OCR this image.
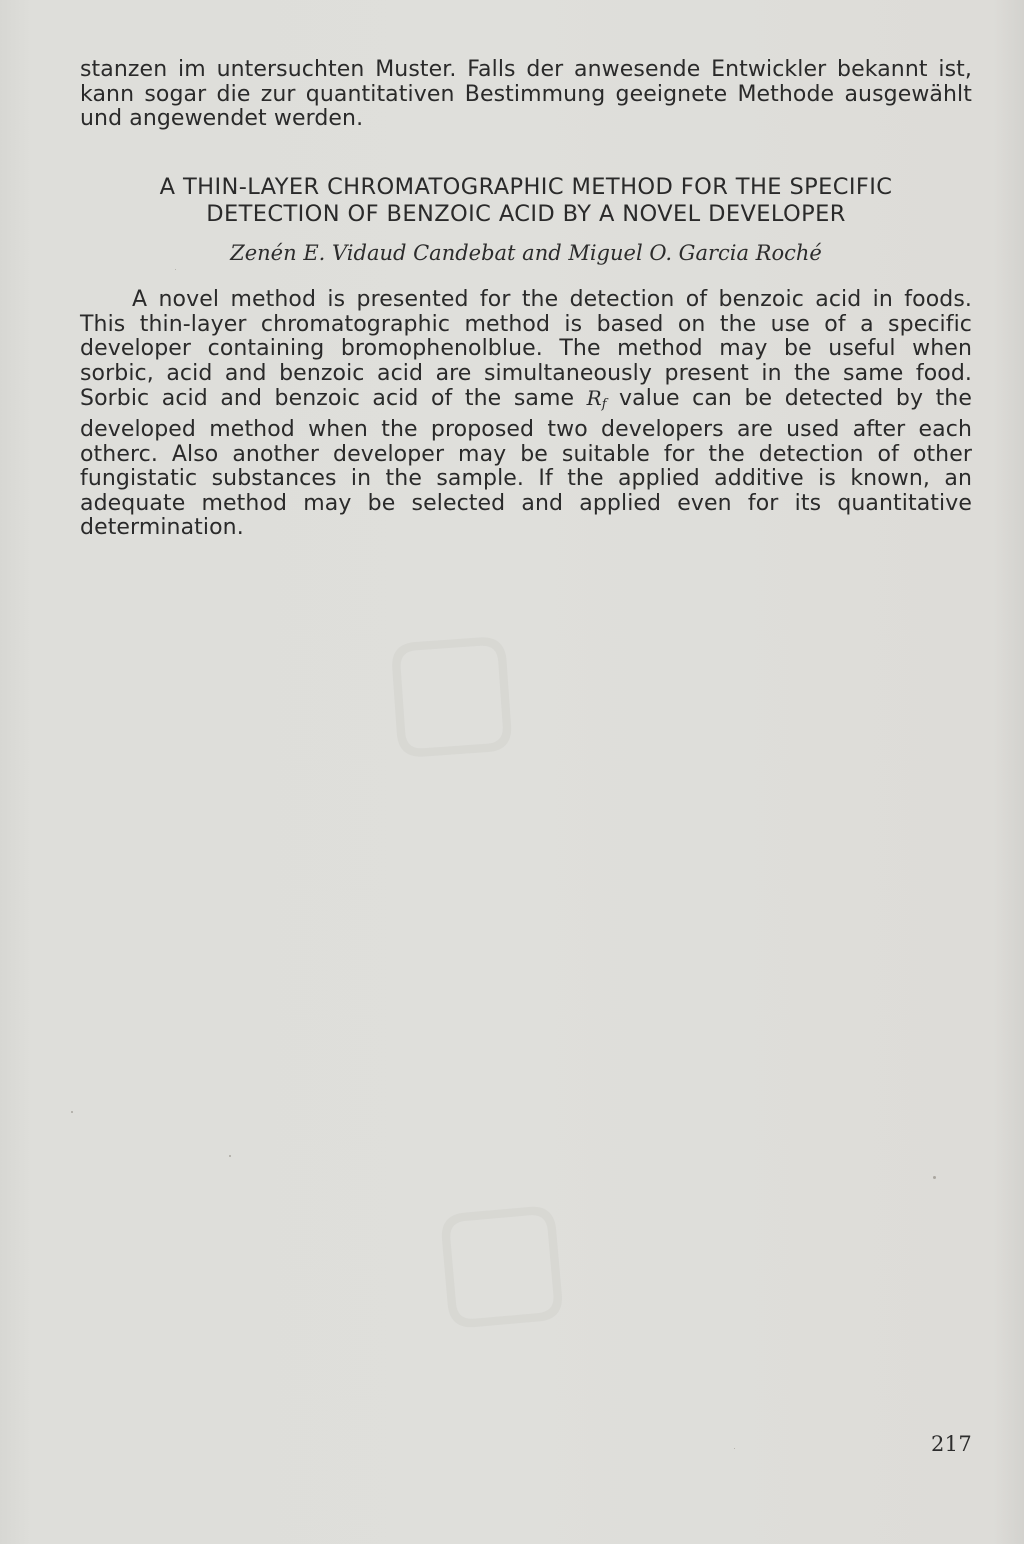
▢
▢
stanzen im untersuchten Muster. Falls der anwesende Entwickler bekannt ist, kann sogar die zur quantitativen Bestimmung geeignete Methode ausgewählt und angewendet werden.
A THIN-LAYER CHROMATOGRAPHIC METHOD FOR THE SPECIFIC
DETECTION OF BENZOIC ACID BY A NOVEL DEVELOPER
Zenén E. Vidaud Candebat and Miguel O. Garcia Roché
A novel method is presented for the detection of benzoic acid in foods. This thin-layer chromatographic method is based on the use of a specific developer containing bromophenolblue. The method may be useful when sorbic, acid and benzoic acid are simultaneously present in the same food. Sorbic acid and benzoic acid of the same $R_f$ value can be detected by the developed method when the proposed two developers are used after each otherc. Also another developer may be suitable for the detection of other fungistatic substances in the sample. If the applied additive is known, an adequate method may be selected and applied even for its quantitative determination.
217
